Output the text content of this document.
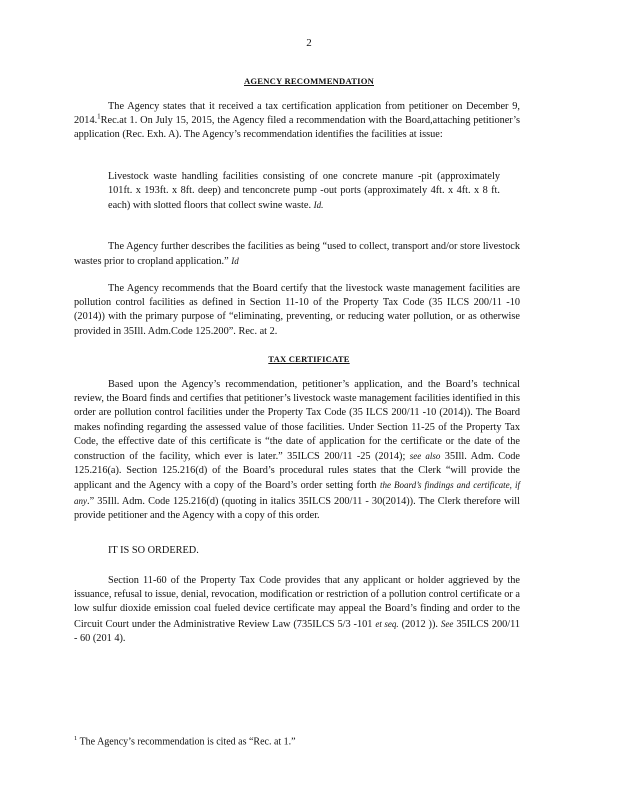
2
AGENCY RECOMMENDATION

The Agency states that it received a tax certification application from petitioner on December 9, 2014.$^1$Rec.at 1. On July 15, 2015, the Agency filed a recommendation with the Board,attaching petitioner’s application (Rec. Exh. A). The Agency’s recommendation identifies the facilities at issue:

Livestock waste handling facilities consisting of one concrete manure -pit (approximately 101ft. x 193ft. x 8ft. deep) and tenconcrete pump -out ports (approximately 4ft. x 4ft. x 8 ft. each) with slotted floors that collect swine waste. Id.

The Agency further describes the facilities as being “used to collect, transport and/or store livestock wastes prior to cropland application.” Id

The Agency recommends that the Board certify that the livestock waste management facilities are pollution control facilities as defined in Section 11-10 of the Property Tax Code (35 ILCS 200/11 -10 (2014)) with the primary purpose of “eliminating, preventing, or reducing water pollution, or as otherwise provided in 35Ill. Adm.Code 125.200”. Rec. at 2.

TAX CERTIFICATE

Based upon the Agency’s recommendation, petitioner’s application, and the Board’s technical review, the Board finds and certifies that petitioner’s livestock waste management facilities identified in this order are pollution control facilities under the Property Tax Code (35 ILCS 200/11 -10 (2014)). The Board makes nofinding regarding the assessed value of those facilities. Under Section 11-25 of the Property Tax Code, the effective date of this certificate is “the date of application for the certificate or the date of the construction of the facility, which ever is later.” 35ILCS 200/11 -25 (2014); see also 35Ill. Adm. Code 125.216(a). Section 125.216(d) of the Board’s procedural rules states that the Clerk “will provide the applicant and the Agency with a copy of the Board’s order setting forth the Board’s findings and certificate, if any.” 35Ill. Adm. Code 125.216(d) (quoting in italics 35ILCS 200/11 - 30(2014)). The Clerk therefore will provide petitioner and the Agency with a copy of this order.

IT IS SO ORDERED.

Section 11-60 of the Property Tax Code provides that any applicant or holder aggrieved by the issuance, refusal to issue, denial, revocation, modification or restriction of a pollution control certificate or a low sulfur dioxide emission coal fueled device certificate may appeal the Board’s finding and order to the Circuit Court under the Administrative Review Law (735ILCS 5/3 -101 et seq. (2012 )). See 35ILCS 200/11 - 60 (201 4).

$^1$ The Agency’s recommendation is cited as “Rec. at 1.”
